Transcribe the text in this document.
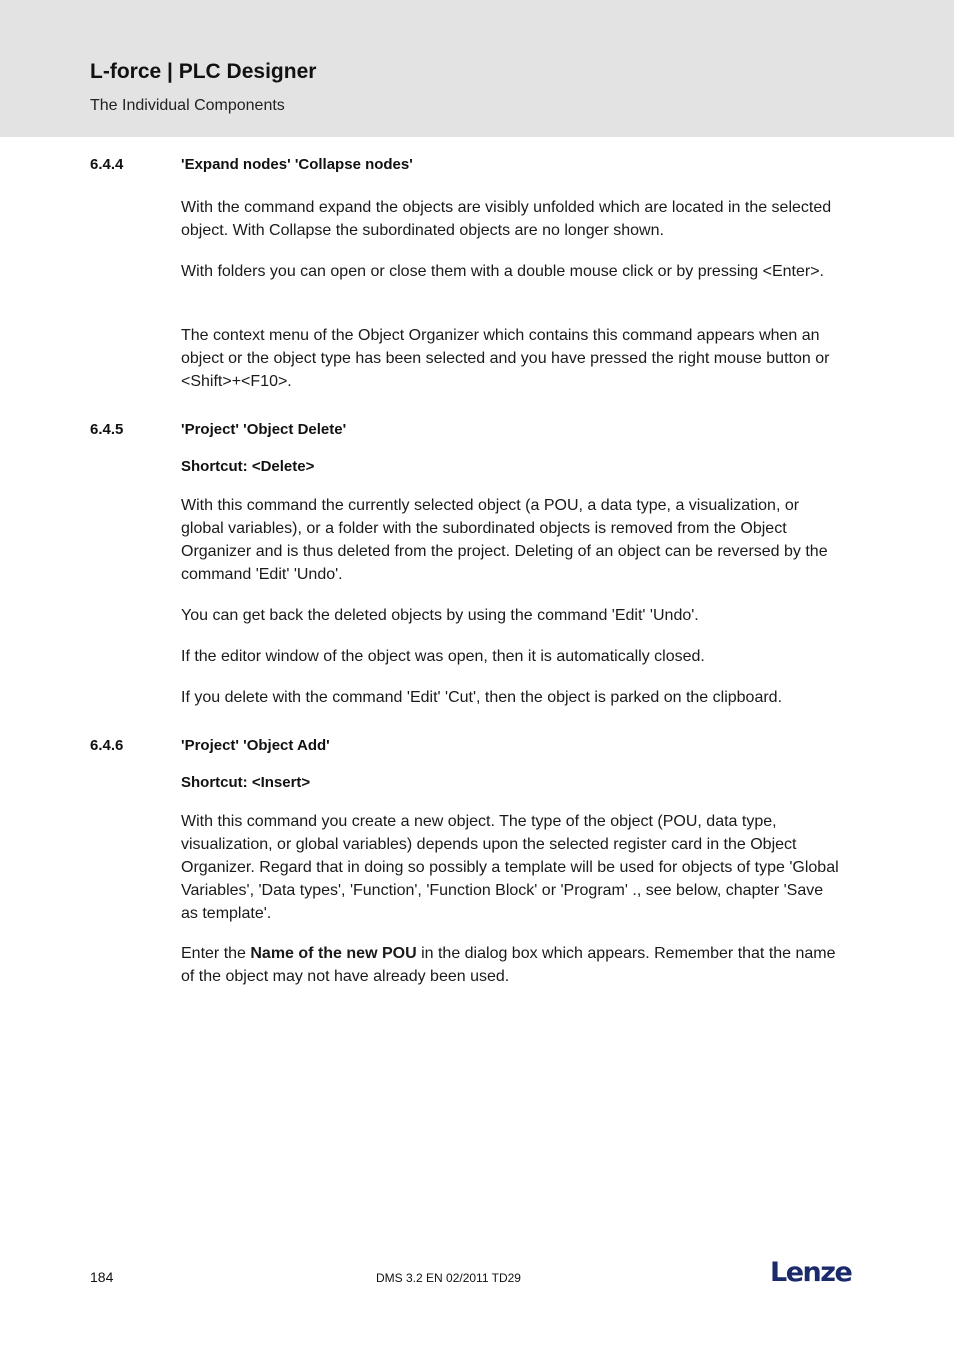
L-force | PLC Designer
The Individual Components
6.4.4	'Expand nodes' 'Collapse nodes'
With the command expand the objects are visibly unfolded which are located in the selected object. With Collapse the subordinated objects are no longer shown.
With folders you can open or close them with a double mouse click or by pressing <Enter>.
The context menu of the Object Organizer which contains this command appears when an object or the object type has been selected and you have pressed the right mouse button or <Shift>+<F10>.
6.4.5	'Project' 'Object Delete'
Shortcut: <Delete>
With this command the currently selected object (a POU, a data type, a visualization, or global variables), or a folder with the subordinated objects is removed from the Object Organizer and is thus deleted from the project. Deleting of an object can be reversed by the command 'Edit' 'Undo'.
You can get back the deleted objects by using the command 'Edit' 'Undo'.
If the editor window of the object was open, then it is automatically closed.
If you delete with the command 'Edit' 'Cut', then the object is parked on the clipboard.
6.4.6	'Project' 'Object Add'
Shortcut: <Insert>
With this command you create a new object. The type of the object (POU, data type, visualization, or global variables) depends upon the selected register card in the Object Organizer. Regard that in doing so possibly a template will be used for objects of type 'Global Variables', 'Data types', 'Function', 'Function Block' or 'Program' ., see below, chapter 'Save as template'.
Enter the Name of the new POU in the dialog box which appears. Remember that the name of the object may not have already been used.
184	DMS 3.2 EN 02/2011 TD29	Lenze
